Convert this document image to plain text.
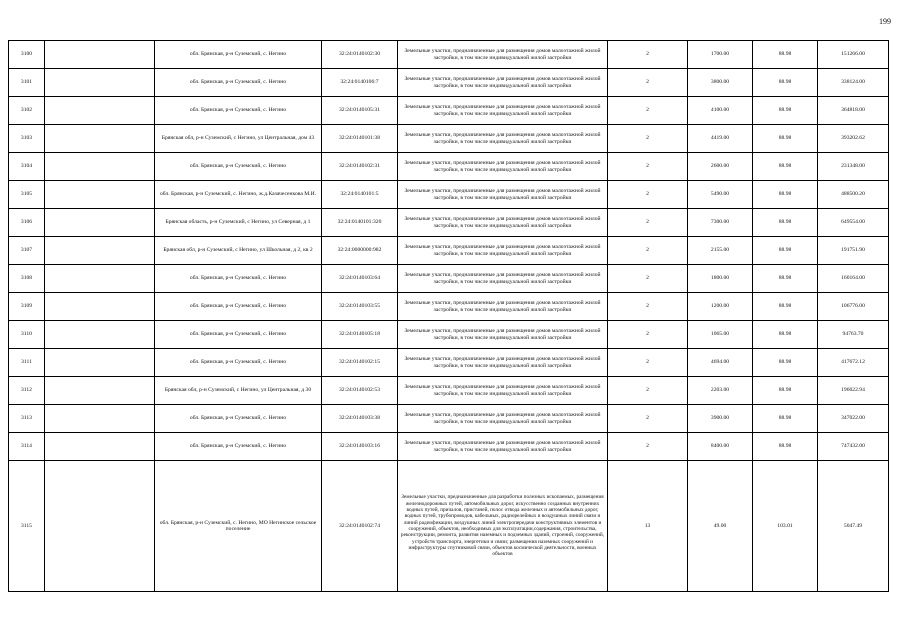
199
3100		обл. Брянская, р-н Суземский, с. Негино	32:24:0140102:30	Земельные участки, предназначенные для размещения домов малоэтажной жилой застройки, в том числе индивидуальной жилой застройки	2	1700.00	88.98	151266.00
3101		обл. Брянская, р-н Суземский, с. Негино	32:24:0140106:7	Земельные участки, предназначенные для размещения домов малоэтажной жилой застройки, в том числе индивидуальной жилой застройки	2	3800.00	88.98	338124.00
3102		обл. Брянская, р-н Суземский, с. Негино	32:24:0140105:31	Земельные участки, предназначенные для размещения домов малоэтажной жилой застройки, в том числе индивидуальной жилой застройки	2	4100.00	88.98	364818.00
3103		Брянская обл, р-н Суземский, с Негино, ул Центральная, дом 43	32:24:0140101:38	Земельные участки, предназначенные для размещения домов малоэтажной жилой застройки, в том числе индивидуальной жилой застройки	2	4419.00	88.98	393202.62
3104		обл. Брянская, р-н Суземский, с. Негино	32:24:0140102:31	Земельные участки, предназначенные для размещения домов малоэтажной жилой застройки, в том числе индивидуальной жилой застройки	2	2600.00	88.98	231348.00
3105		обл. Брянская, р-н Суземский, с. Негино, ж.д.Казачесенкова М.И.	32:24:0140101:5	Земельные участки, предназначенные для размещения домов малоэтажной жилой застройки, в том числе индивидуальной жилой застройки	2	5490.00	88.98	488500.20
3106		Брянская область, р-н Суземский, с Негино, ул Северная, д 1	32:24:0140101:320	Земельные участки, предназначенные для размещения домов малоэтажной жилой застройки, в том числе индивидуальной жилой застройки	2	7300.00	88.98	649554.00
3107		Брянская обл, р-н Суземский, с Негино, ул Школьная, д 2, кв 2	32:24:0000000:982	Земельные участки, предназначенные для размещения домов малоэтажной жилой застройки, в том числе индивидуальной жилой застройки	2	2155.00	88.98	191751.90
3108		обл. Брянская, р-н Суземский, с. Негино	32:24:0140103:64	Земельные участки, предназначенные для размещения домов малоэтажной жилой застройки, в том числе индивидуальной жилой застройки	2	1800.00	88.98	160164.00
3109		обл. Брянская, р-н Суземский, с. Негино	32:24:0140103:55	Земельные участки, предназначенные для размещения домов малоэтажной жилой застройки, в том числе индивидуальной жилой застройки	2	1200.00	88.98	106776.00
3110		обл. Брянская, р-н Суземский, с. Негино	32:24:0140105:18	Земельные участки, предназначенные для размещения домов малоэтажной жилой застройки, в том числе индивидуальной жилой застройки	2	1065.00	88.98	94763.70
3111		обл. Брянская, р-н Суземский, с. Негино	32:24:0140102:15	Земельные участки, предназначенные для размещения домов малоэтажной жилой застройки, в том числе индивидуальной жилой застройки	2	4694.00	88.98	417672.12
3112		Брянская обл, р-н Суземский, с Негино, ул Центральная, д 30	32:24:0140102:53	Земельные участки, предназначенные для размещения домов малоэтажной жилой застройки, в том числе индивидуальной жилой застройки	2	2203.00	88.98	196022.94
3113		обл. Брянская, р-н Суземский, с. Негино	32:24:0140103:38	Земельные участки, предназначенные для размещения домов малоэтажной жилой застройки, в том числе индивидуальной жилой застройки	2	3900.00	88.98	347022.00
3114		обл. Брянская, р-н Суземский, с. Негино	32:24:0140103:16	Земельные участки, предназначенные для размещения домов малоэтажной жилой застройки, в том числе индивидуальной жилой застройки	2	8400.00	88.98	747432.00
3115		обл. Брянская, р-н Суземский, с. Негино, МО Негинское сельское поселение	32:24:0140102:74	Земельные участки, предназначенные для разработки полезных ископаемых, размещения железнодорожных путей, автомобильных дорог, искусственно созданных внутренних водных путей, причалов, пристаней, полос отвода железных и автомобильных дорог, водных путей, трубопроводов, кабельных, радиорелейных и воздушных линий связи и линий радиофикации, воздушных линий электропередачи конструктивных элементов и сооружений, объектов, необходимых для эксплуатации,содержания, строительства, реконструкции, ремонта, развития наземных и подземных зданий, строений, сооружений, устройств транспорта, энергетики и связи; размещения наземных сооружений и инфраструктуры спутниковой связи, объектов космической деятельности, военных объектов	13	49.00	103.01	5047.49
